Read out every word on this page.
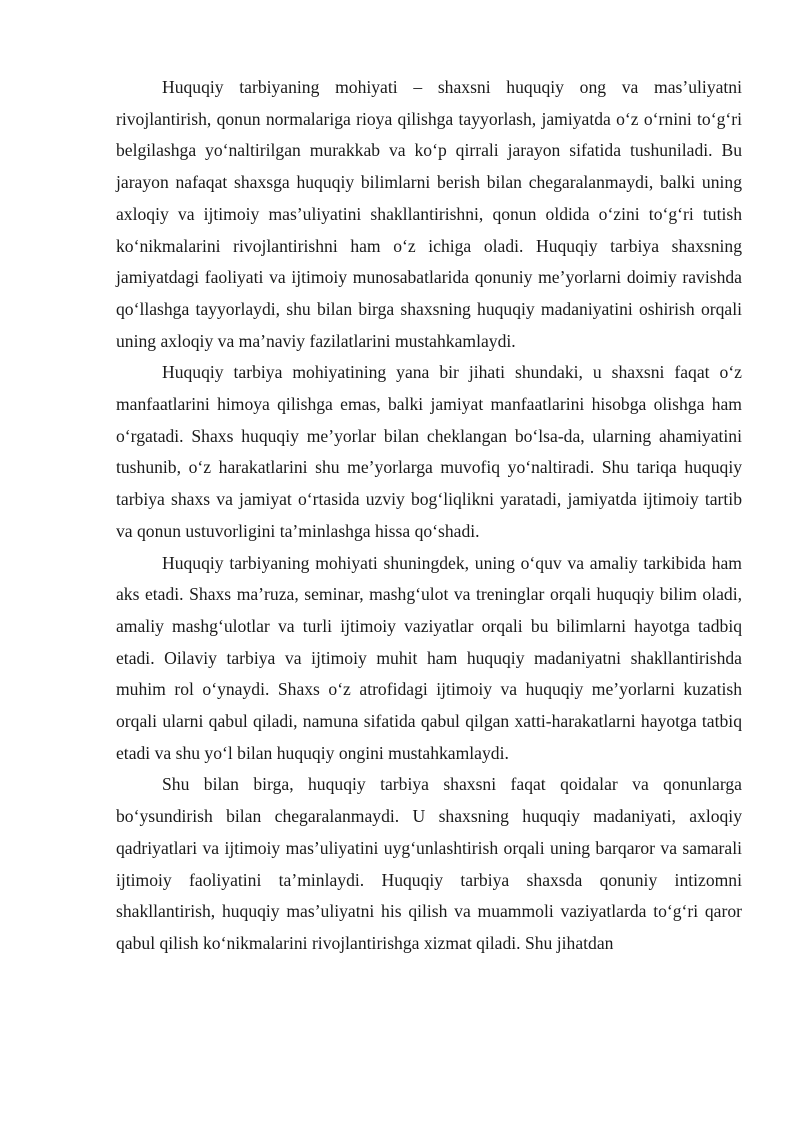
Huquqiy tarbiyaning mohiyati – shaxsni huquqiy ong va mas’uliyatni rivojlantirish, qonun normalariga rioya qilishga tayyorlash, jamiyatda o‘z o‘rnini to‘g‘ri belgilashga yo‘naltirilgan murakkab va ko‘p qirrali jarayon sifatida tushuniladi. Bu jarayon nafaqat shaxsga huquqiy bilimlarni berish bilan chegaralanmaydi, balki uning axloqiy va ijtimoiy mas’uliyatini shakllantirishni, qonun oldida o‘zini to‘g‘ri tutish ko‘nikmalarini rivojlantirishni ham o‘z ichiga oladi. Huquqiy tarbiya shaxsning jamiyatdagi faoliyati va ijtimoiy munosabatlarida qonuniy me’yorlarni doimiy ravishda qo‘llashga tayyorlaydi, shu bilan birga shaxsning huquqiy madaniyatini oshirish orqali uning axloqiy va ma’naviy fazilatlarini mustahkamlaydi.

Huquqiy tarbiya mohiyatining yana bir jihati shundaki, u shaxsni faqat o‘z manfaatlarini himoya qilishga emas, balki jamiyat manfaatlarini hisobga olishga ham o‘rgatadi. Shaxs huquqiy me’yorlar bilan cheklangan bo‘lsa-da, ularning ahamiyatini tushunib, o‘z harakatlarini shu me’yorlarga muvofiq yo‘naltiradi. Shu tariqa huquqiy tarbiya shaxs va jamiyat o‘rtasida uzviy bog‘liqlikni yaratadi, jamiyatda ijtimoiy tartib va qonun ustuvorligini ta’minlashga hissa qo‘shadi.

Huquqiy tarbiyaning mohiyati shuningdek, uning o‘quv va amaliy tarkibida ham aks etadi. Shaxs ma’ruza, seminar, mashg‘ulot va treninglar orqali huquqiy bilim oladi, amaliy mashg‘ulotlar va turli ijtimoiy vaziyatlar orqali bu bilimlarni hayotga tadbiq etadi. Oilaviy tarbiya va ijtimoiy muhit ham huquqiy madaniyatni shakllantirishda muhim rol o‘ynaydi. Shaxs o‘z atrofidagi ijtimoiy va huquqiy me’yorlarni kuzatish orqali ularni qabul qiladi, namuna sifatida qabul qilgan xatti-harakatlarni hayotga tatbiq etadi va shu yo‘l bilan huquqiy ongini mustahkamlaydi.

Shu bilan birga, huquqiy tarbiya shaxsni faqat qoidalar va qonunlarga bo‘ysundirish bilan chegaralanmaydi. U shaxsning huquqiy madaniyati, axloqiy qadriyatlari va ijtimoiy mas’uliyatini uyg‘unlashtirish orqali uning barqaror va samarali ijtimoiy faoliyatini ta’minlaydi. Huquqiy tarbiya shaxsda qonuniy intizomni shakllantirish, huquqiy mas’uliyatni his qilish va muammoli vaziyatlarda to‘g‘ri qaror qabul qilish ko‘nikmalarini rivojlantirishga xizmat qiladi. Shu jihatdan
